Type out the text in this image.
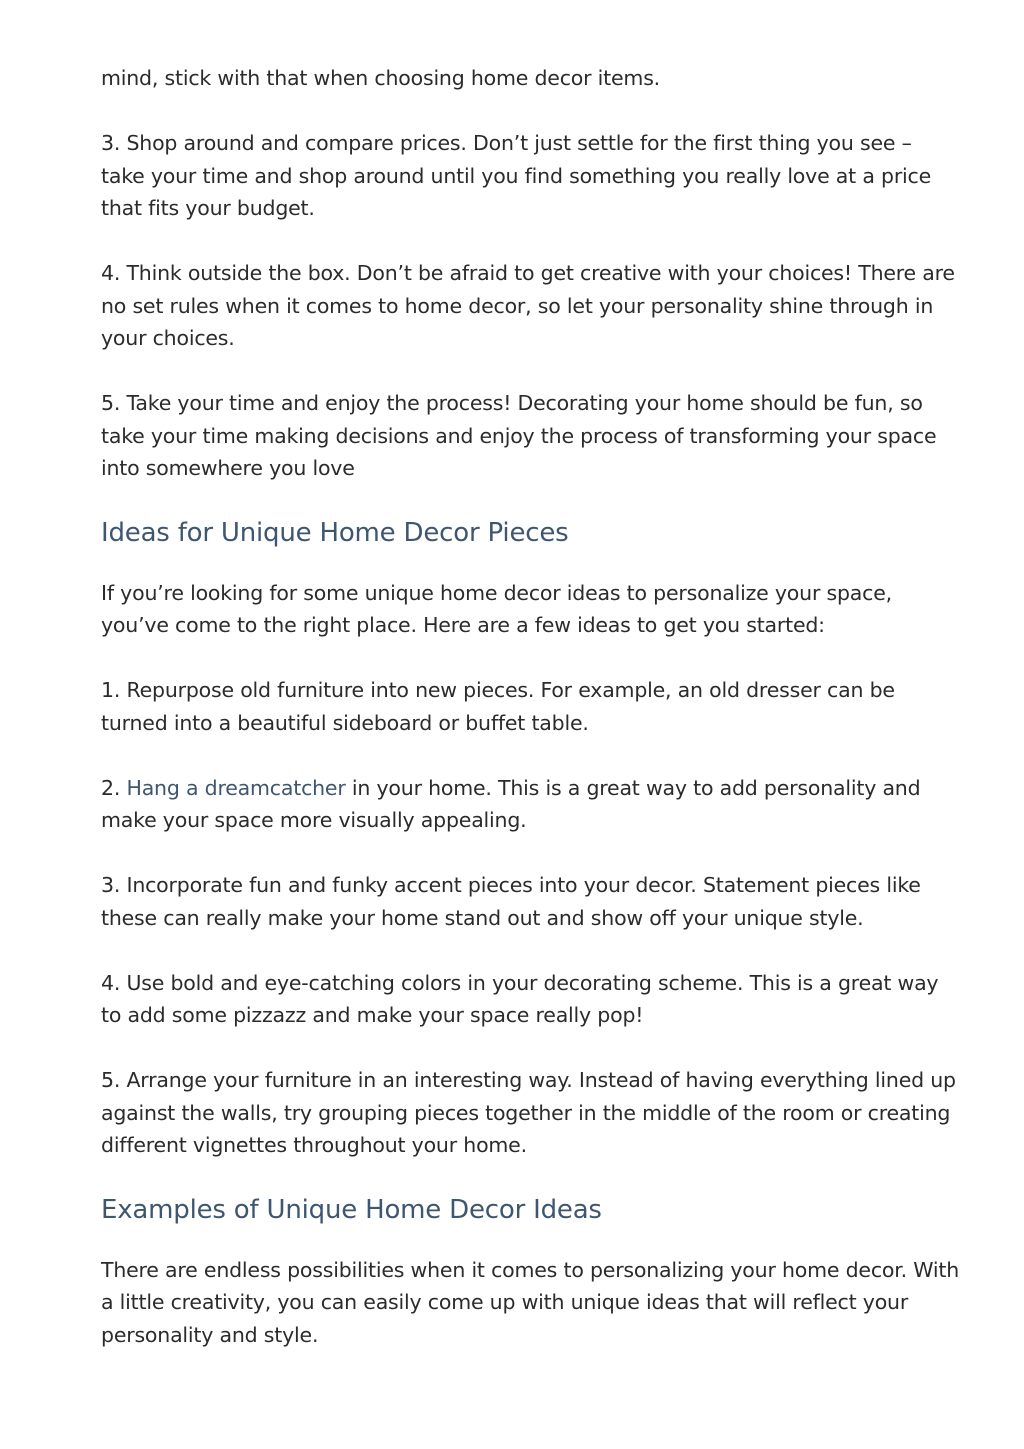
mind, stick with that when choosing home decor items.

3. Shop around and compare prices. Don’t just settle for the first thing you see – take your time and shop around until you find something you really love at a price that fits your budget.

4. Think outside the box. Don’t be afraid to get creative with your choices! There are no set rules when it comes to home decor, so let your personality shine through in your choices.

5. Take your time and enjoy the process! Decorating your home should be fun, so take your time making decisions and enjoy the process of transforming your space into somewhere you love

Ideas for Unique Home Decor Pieces

If you’re looking for some unique home decor ideas to personalize your space, you’ve come to the right place. Here are a few ideas to get you started:

1. Repurpose old furniture into new pieces. For example, an old dresser can be turned into a beautiful sideboard or buffet table.

2. Hang a dreamcatcher in your home. This is a great way to add personality and make your space more visually appealing.

3. Incorporate fun and funky accent pieces into your decor. Statement pieces like these can really make your home stand out and show off your unique style.

4. Use bold and eye-catching colors in your decorating scheme. This is a great way to add some pizzazz and make your space really pop!

5. Arrange your furniture in an interesting way. Instead of having everything lined up against the walls, try grouping pieces together in the middle of the room or creating different vignettes throughout your home.

Examples of Unique Home Decor Ideas

There are endless possibilities when it comes to personalizing your home decor. With a little creativity, you can easily come up with unique ideas that will reflect your personality and style.
